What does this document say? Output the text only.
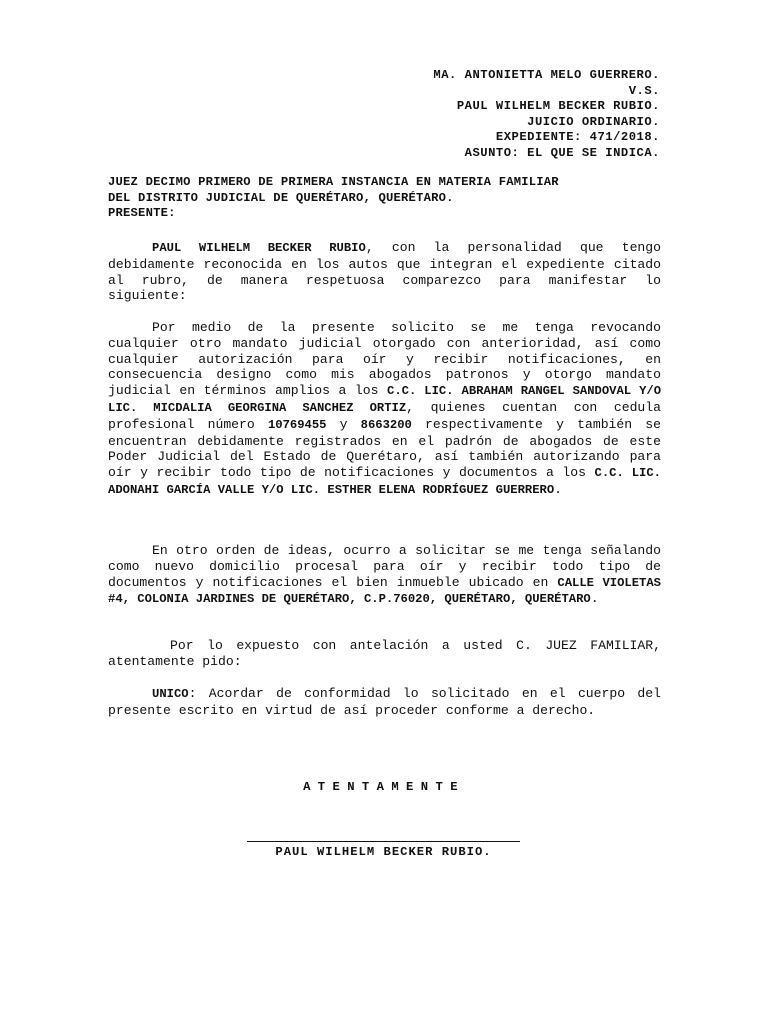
MA. ANTONIETTA MELO GUERRERO.
V.S.
PAUL WILHELM BECKER RUBIO.
JUICIO ORDINARIO.
EXPEDIENTE: 471/2018.
ASUNTO: EL QUE SE INDICA.
JUEZ DECIMO PRIMERO DE PRIMERA INSTANCIA EN MATERIA FAMILIAR
DEL DISTRITO JUDICIAL DE QUERÉTARO, QUERÉTARO.
PRESENTE:
PAUL WILHELM BECKER RUBIO, con la personalidad que tengo debidamente reconocida en los autos que integran el expediente citado al rubro, de manera respetuosa comparezco para manifestar lo siguiente:
Por medio de la presente solicito se me tenga revocando cualquier otro mandato judicial otorgado con anterioridad, así como cualquier autorización para oír y recibir notificaciones, en consecuencia designo como mis abogados patronos y otorgo mandato judicial en términos amplios a los C.C. LIC. ABRAHAM RANGEL SANDOVAL Y/O LIC. MICDALIA GEORGINA SANCHEZ ORTIZ, quienes cuentan con cedula profesional número 10769455 y 8663200 respectivamente y también se encuentran debidamente registrados en el padrón de abogados de este Poder Judicial del Estado de Querétaro, así también autorizando para oír y recibir todo tipo de notificaciones y documentos a los C.C. LIC. ADONAHI GARCÍA VALLE Y/O LIC. ESTHER ELENA RODRÍGUEZ GUERRERO.
En otro orden de ideas, ocurro a solicitar se me tenga señalando como nuevo domicilio procesal para oír y recibir todo tipo de documentos y notificaciones el bien inmueble ubicado en CALLE VIOLETAS #4, COLONIA JARDINES DE QUERÉTARO, C.P.76020, QUERÉTARO, QUERÉTARO.
Por lo expuesto con antelación a usted C. JUEZ FAMILIAR, atentamente pido:
UNICO: Acordar de conformidad lo solicitado en el cuerpo del presente escrito en virtud de así proceder conforme a derecho.
ATENTAMENTE
PAUL WILHELM BECKER RUBIO.
